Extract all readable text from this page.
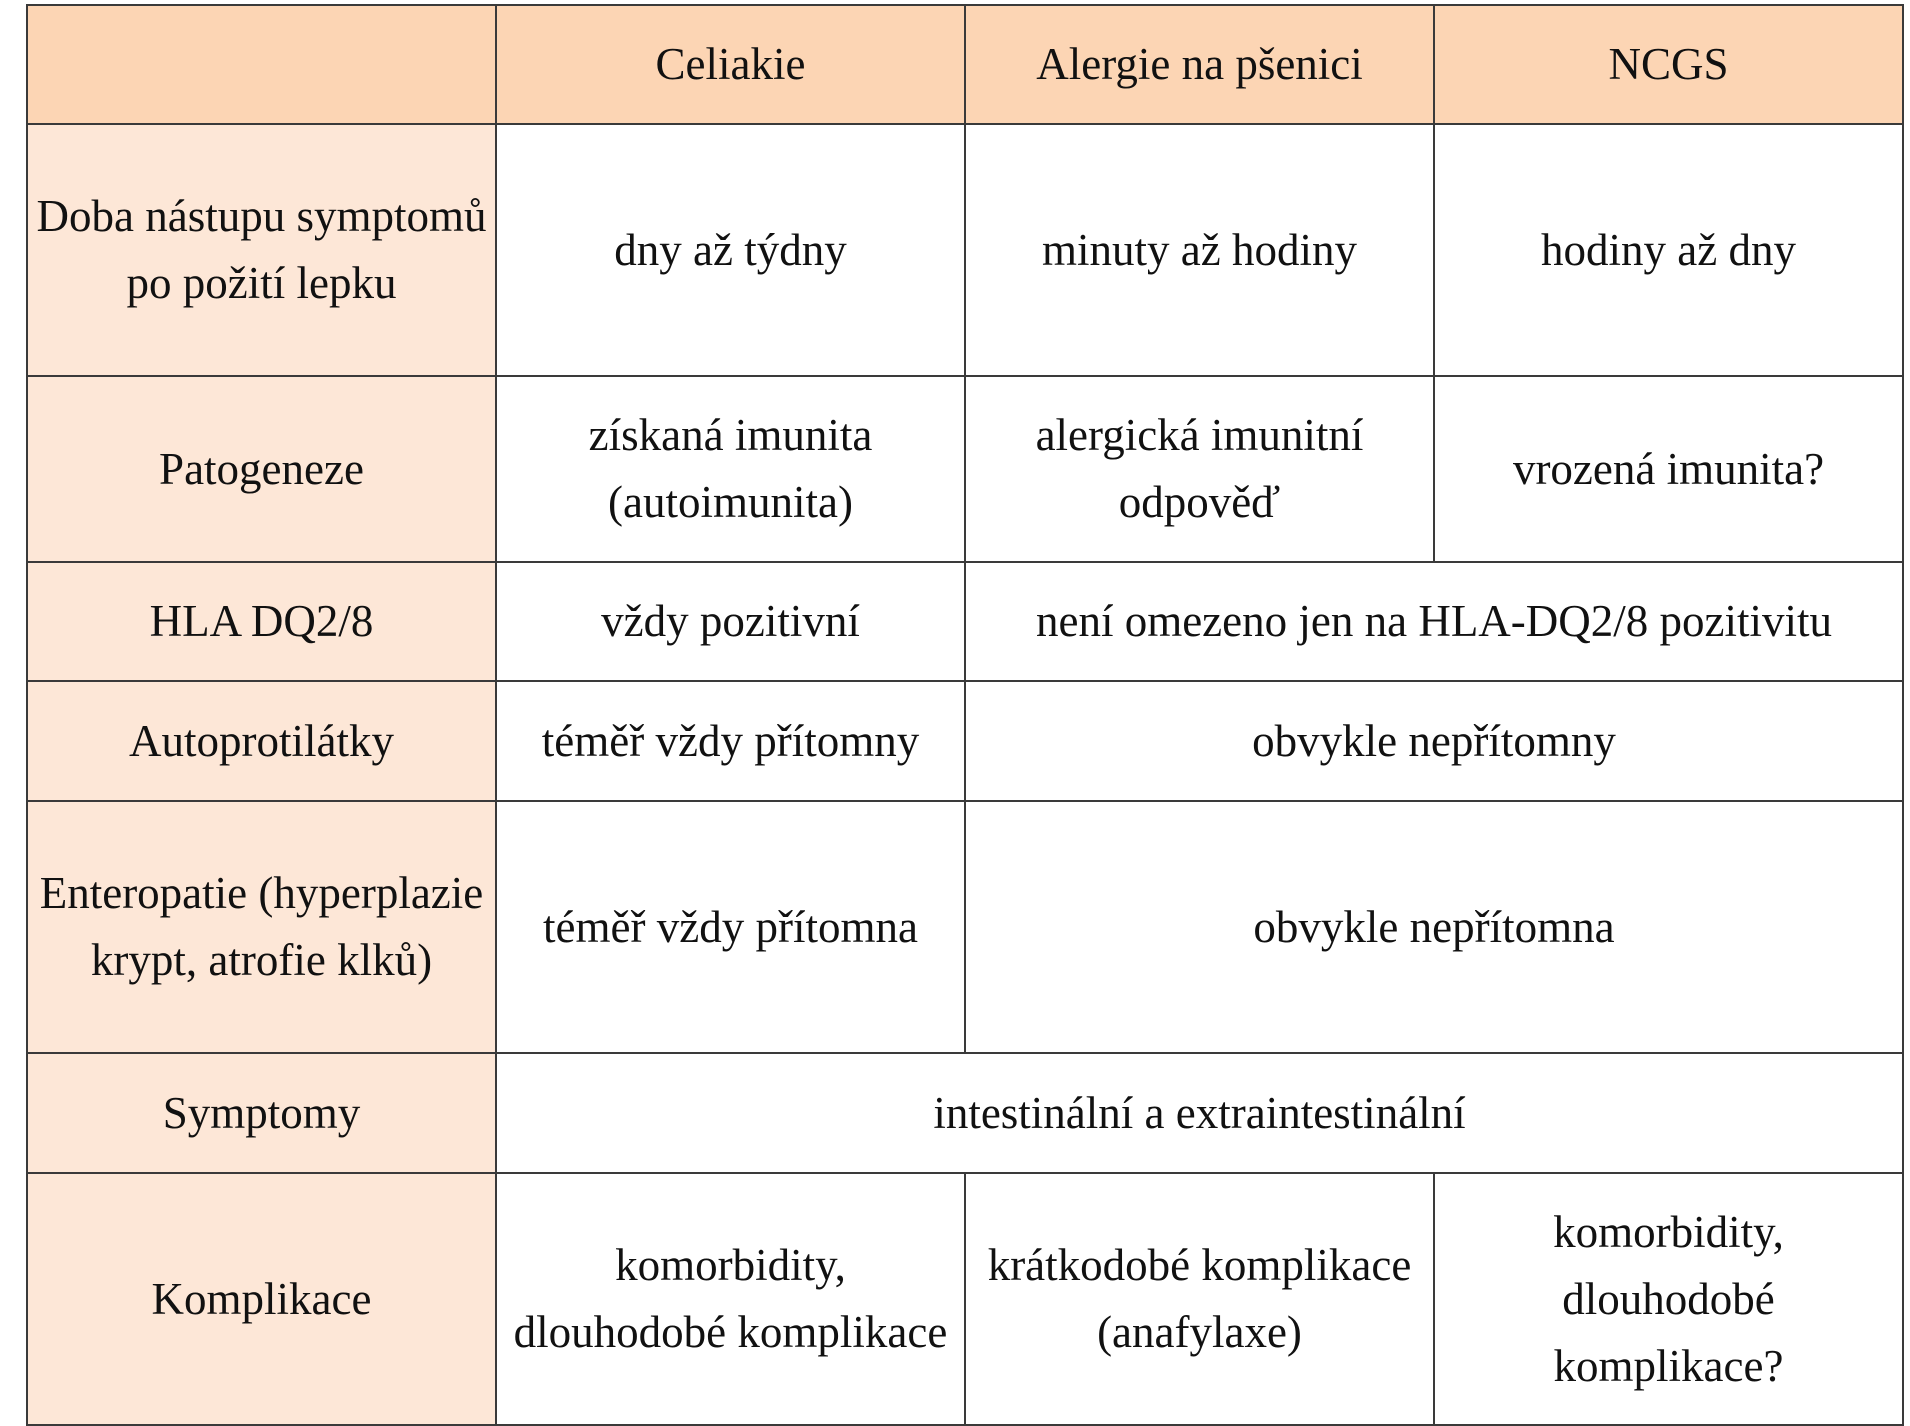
	Celiakie	Alergie na pšenici	NCGS
Doba nástupu symptomů po požití lepku	dny až týdny	minuty až hodiny	hodiny až dny
Patogeneze	získaná imunita (autoimunita)	alergická imunitní odpověď	vrozená imunita?
HLA DQ2/8	vždy pozitivní	není omezeno jen na HLA-DQ2/8 pozitivitu	
Autoprotilátky	téměř vždy přítomny	obvykle nepřítomny	
Enteropatie (hyperplazie krypt, atrofie klků)	téměř vždy přítomna	obvykle nepřítomna	
Symptomy	intestinální a extraintestinální		
Komplikace	komorbidity, dlouhodobé komplikace	krátkodobé komplikace (anafylaxe)	komorbidity, dlouhodobé komplikace?
